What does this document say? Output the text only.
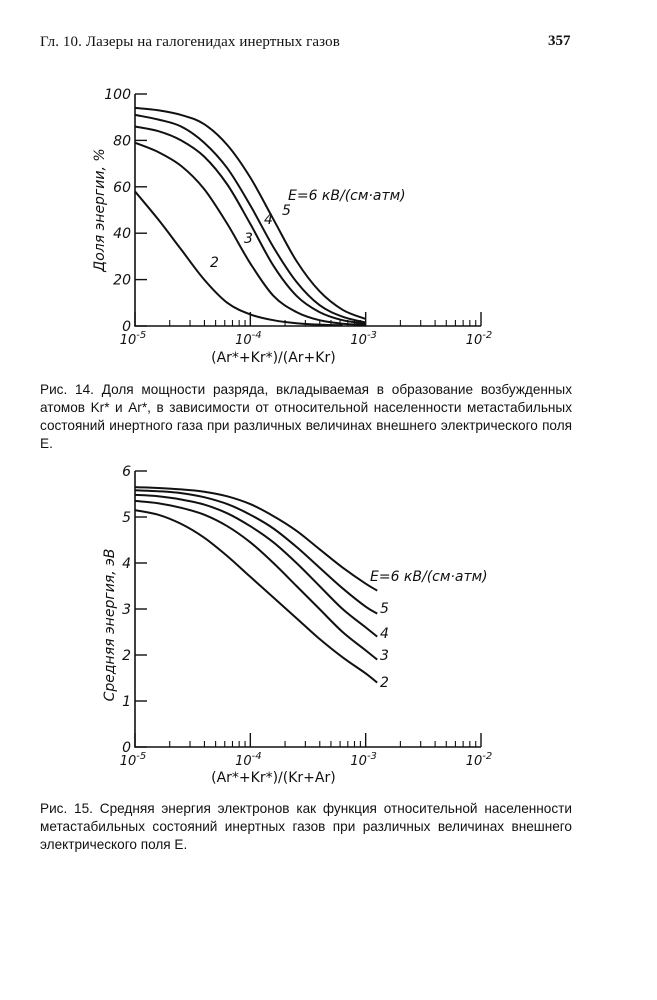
Гл. 10. Лазеры на галогенидах инертных газов	357
0
20
40
60
80
100
$10^{-5}$	$10^{-4}$	$10^{-3}$	$10^{-2}$
Доля энергии, %
(Ar*+Kr*)/(Ar+Kr)
2
3
4
5
E=6 кВ/(см·атм)
Рис. 14. Доля мощности разряда, вкладываемая в образование возбужденных атомов Kr* и Ar*, в зависимости от относительной населенности метастабильных состояний инертного газа при различных величинах внешнего электрического поля E.
0
1
2
3
4
5
6
$10^{-5}$	$10^{-4}$	$10^{-3}$	$10^{-2}$
Средняя энергия, эВ
(Ar*+Kr*)/(Kr+Ar)
2
3
4
5
E=6 кВ/(см·атм)
Рис. 15. Средняя энергия электронов как функция относительной населенности метастабильных состояний инертных газов при различных величинах внешнего электрического поля E.
